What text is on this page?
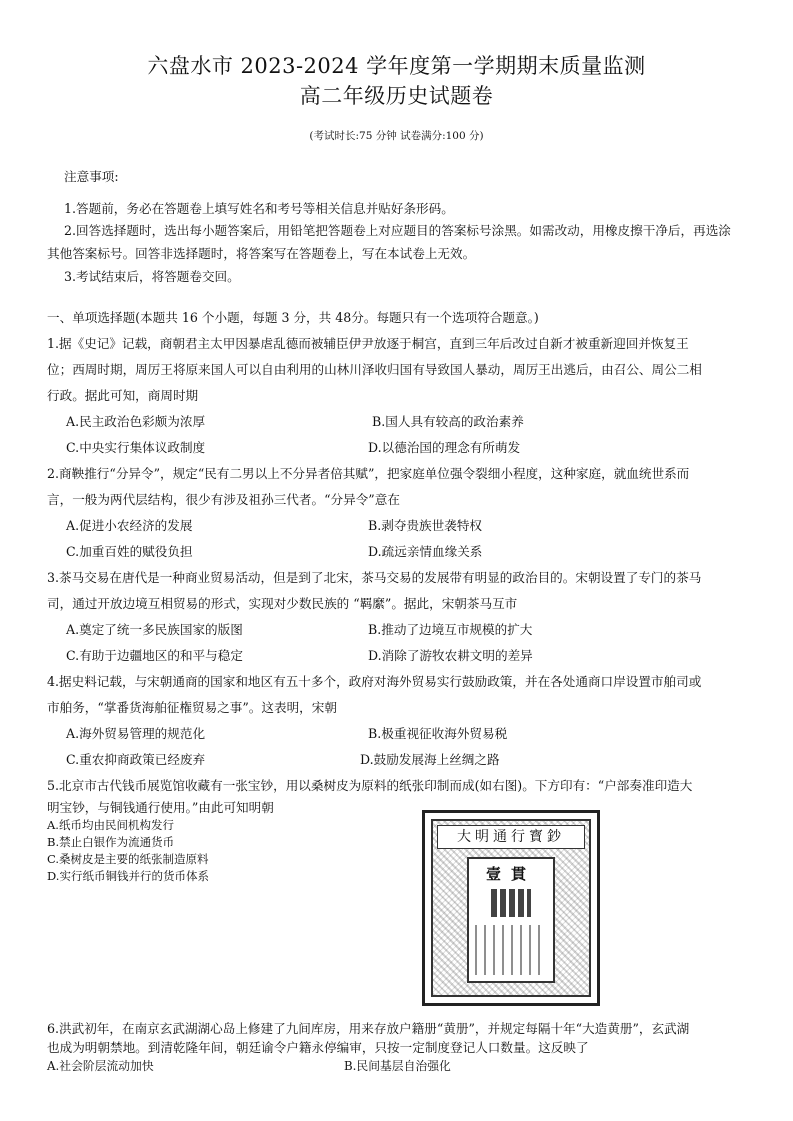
六盘水市 2023-2024 学年度第一学期期末质量监测
高二年级历史试题卷
(考试时长:75 分钟 试卷满分:100 分)
注意事项:
1.答题前，务必在答题卷上填写姓名和考号等相关信息并贴好条形码。
2.回答选择题时，选出每小题答案后，用铅笔把答题卷上对应题目的答案标号涂黑。如需改动，用橡皮擦干净后，再选涂
其他答案标号。回答非选择题时，将答案写在答题卷上，写在本试卷上无效。
3.考试结束后，将答题卷交回。
一、单项选择题(本题共 16 个小题，每题 3 分，共 48分。每题只有一个选项符合题意。)
1.据《史记》记载，商朝君主太甲因暴虐乱德而被辅臣伊尹放逐于桐宫，直到三年后改过自新才被重新迎回并恢复王
位；西周时期，周厉王将原来国人可以自由利用的山林川泽收归国有导致国人暴动，周厉王出逃后，由召公、周公二相
行政。据此可知，商周时期
A.民主政治色彩颇为浓厚	B.国人具有较高的政治素养
C.中央实行集体议政制度	D.以德治国的理念有所萌发
2.商鞅推行“分异令”，规定“民有二男以上不分异者倍其赋”，把家庭单位强令裂细小程度，这种家庭，就血统世系而
言，一般为两代层结构，很少有涉及祖孙三代者。“分异令”意在
A.促进小农经济的发展	B.剥夺贵族世袭特权
C.加重百姓的赋役负担	D.疏远亲情血缘关系
3.茶马交易在唐代是一种商业贸易活动，但是到了北宋，茶马交易的发展带有明显的政治目的。宋朝设置了专门的茶马
司，通过开放边境互相贸易的形式，实现对少数民族的 “羁縻”。据此，宋朝茶马互市
A.奠定了统一多民族国家的版图	B.推动了边境互市规模的扩大
C.有助于边疆地区的和平与稳定	D.消除了游牧农耕文明的差异
4.据史料记载，与宋朝通商的国家和地区有五十多个，政府对海外贸易实行鼓励政策，并在各处通商口岸设置市舶司或
市舶务，“掌番货海舶征権贸易之事”。这表明，宋朝
A.海外贸易管理的规范化	B.极重视征收海外贸易税
C.重农抑商政策已经废弃	D.鼓励发展海上丝绸之路
5.北京市古代钱币展览馆收藏有一张宝钞，用以桑树皮为原料的纸张印制而成(如右图)。下方印有：“户部奏准印造大
明宝钞，与铜钱通行使用。”由此可知明朝
A.纸币均由民间机构发行
B.禁止白银作为流通货币
C.桑树皮是主要的纸张制造原料
D.实行纸币铜钱并行的货币体系
大明通行寳鈔
壹貫
6.洪武初年，在南京玄武湖湖心岛上修建了九间库房，用来存放户籍册“黄册”，并规定每隔十年“大造黄册”，玄武湖
也成为明朝禁地。到清乾隆年间，朝廷谕令户籍永停编审，只按一定制度登记人口数量。这反映了
A.社会阶层流动加快	B.民间基层自治强化
